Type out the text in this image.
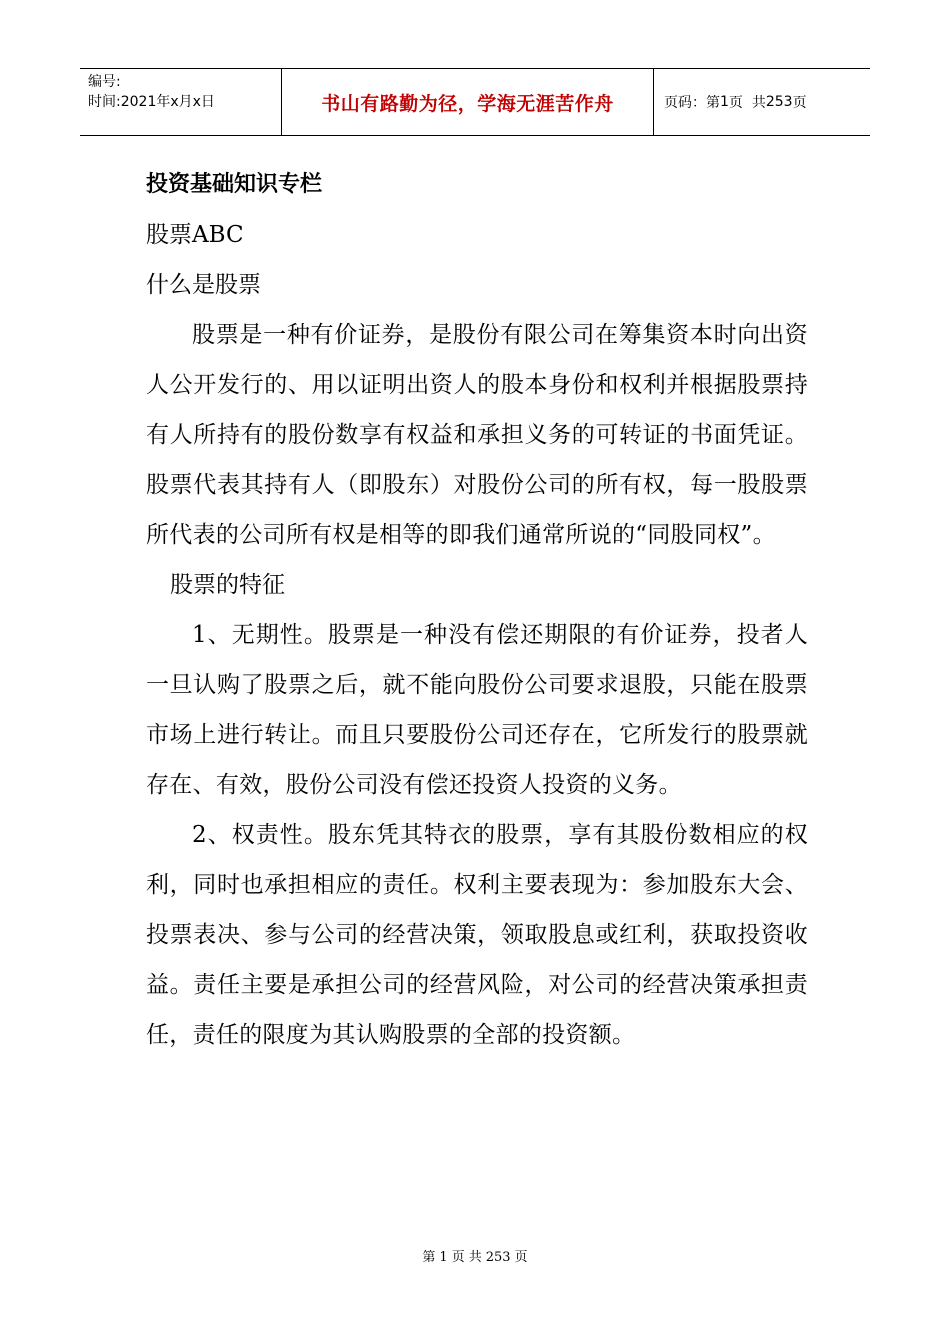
编号:
时间:2021年x月x日	书山有路勤为径，学海无涯苦作舟	页码：第 1 页
共 253 页

投资基础知识专栏

股票ABC

什么是股票

股票是一种有价证券，是股份有限公司在筹集资本时向出资人公开发行的、用以证明出资人的股本身份和权利并根据股票持有人所持有的股份数享有权益和承担义务的可转证的书面凭证。股票代表其持有人（即股东）对股份公司的所有权，每一股股票所代表的公司所有权是相等的即我们通常所说的“同股同权”。

股票的特征

1、无期性。股票是一种没有偿还期限的有价证券，投者人一旦认购了股票之后，就不能向股份公司要求退股，只能在股票市场上进行转让。而且只要股份公司还存在，它所发行的股票就存在、有效，股份公司没有偿还投资人投资的义务。

2、权责性。股东凭其特衣的股票，享有其股份数相应的权利，同时也承担相应的责任。权利主要表现为：参加股东大会、投票表决、参与公司的经营决策，领取股息或红利，获取投资收益。责任主要是承担公司的经营风险，对公司的经营决策承担责任，责任的限度为其认购股票的全部的投资额。

第 1 页 共 253 页
